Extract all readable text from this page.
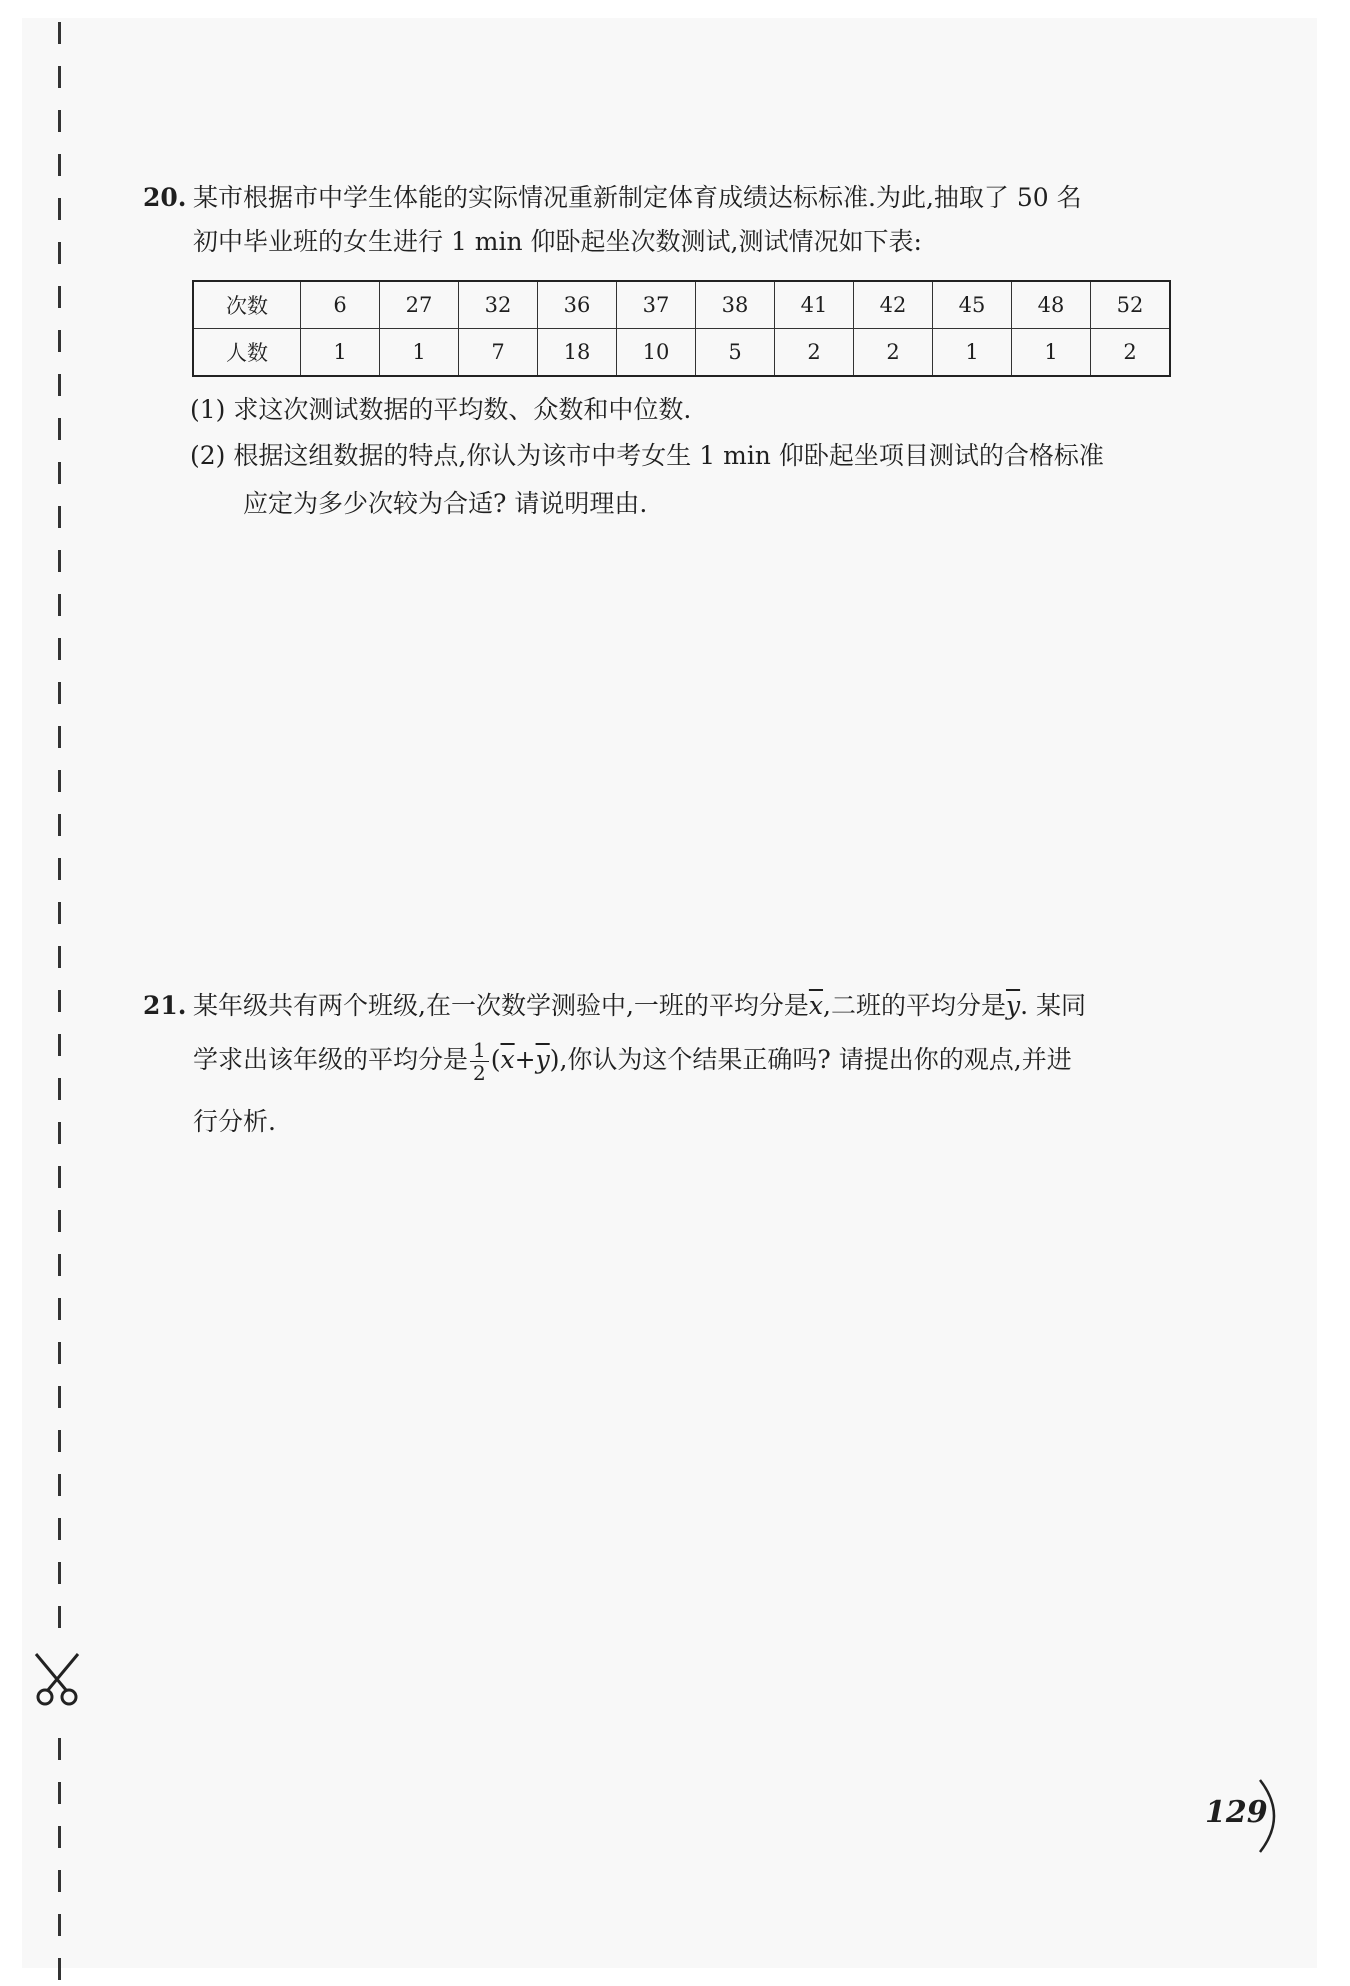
20. 某市根据市中学生体能的实际情况重新制定体育成绩达标标准.为此,抽取了 50 名
初中毕业班的女生进行 1 min 仰卧起坐次数测试,测试情况如下表:
次数	6	27	32	36	37	38	41	42	45	48	52
人数	1	1	7	18	10	5	2	2	1	1	2
(1) 求这次测试数据的平均数、众数和中位数.
(2) 根据这组数据的特点,你认为该市中考女生 1 min 仰卧起坐项目测试的合格标准
应定为多少次较为合适? 请说明理由.
21. 某年级共有两个班级,在一次数学测验中,一班的平均分是$\overline{x}$,二班的平均分是$\overline{y}$. 某同
学求出该年级的平均分是 $\frac{1}{2} (\overline{x}+\overline{y})$,你认为这个结果正确吗? 请提出你的观点,并进
行分析.
129
